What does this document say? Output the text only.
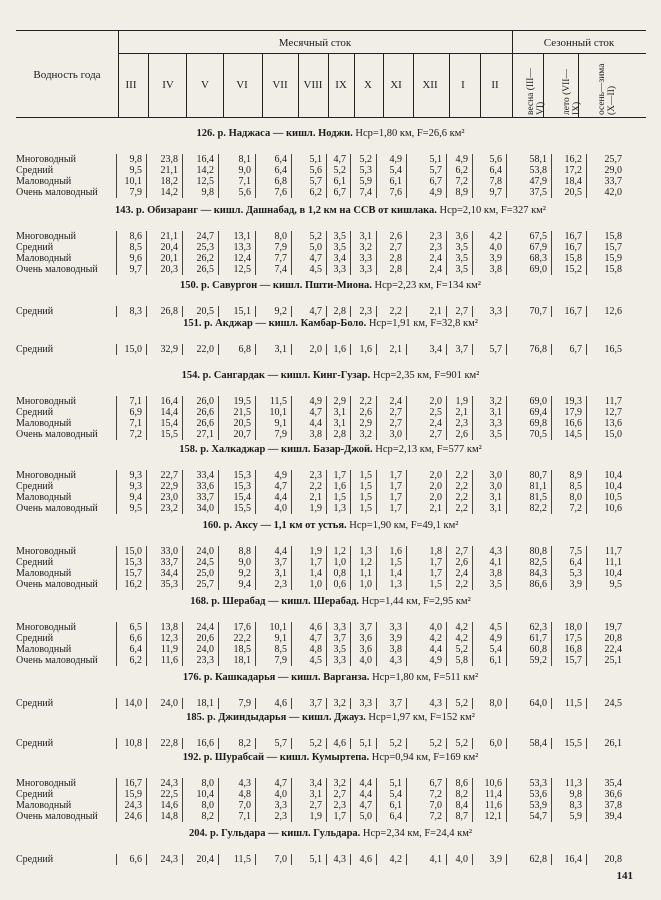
Водность года
Месячный сток	Сезонный сток
III IV V VI VII VIII IX X XI XII I II	весна (III—VI) лето (VII—IX) осень—зима (X—II)
126. р. Наджаса — кишл. Ноджи. Hср=1,80 км, F=26,6 км²
Многоводный	9,8	23,8	16,4	8,1	6,4	5,1	4,7	5,2	4,9	5,1	4,9	5,6	58,1	16,2	25,7
Средний	9,5	21,1	14,2	9,0	6,4	5,6	5,2	5,3	5,4	5,7	6,2	6,4	53,8	17,2	29,0
Маловодный	10,1	18,2	12,5	7,1	6,8	5,7	6,1	5,9	6,1	6,7	7,2	7,8	47,9	18,4	33,7
Очень маловодный	7,9	14,2	9,8	5,6	7,6	6,2	6,7	7,4	7,6	4,9	8,9	9,7	37,5	20,5	42,0
143. р. Обизаранг — кишл. Дашнабад, в 1,2 км на ССВ от кишлака. Hср=2,10 км, F=327 км²
Многоводный	8,6	21,1	24,7	13,1	8,0	5,2	3,5	3,1	2,6	2,3	3,6	4,2	67,5	16,7	15,8
Средний	8,5	20,4	25,3	13,3	7,9	5,0	3,5	3,2	2,7	2,3	3,5	4,0	67,9	16,7	15,7
Маловодный	9,6	20,1	26,2	12,4	7,7	4,7	3,4	3,3	2,8	2,4	3,5	3,9	68,3	15,8	15,9
Очень маловодный	9,7	20,3	26,5	12,5	7,4	4,5	3,3	3,3	2,8	2,4	3,5	3,8	69,0	15,2	15,8
150. р. Савургон — кишл. Пшти-Миона. Hср=2,23 км, F=134 км²
Средний	8,3	26,8	20,5	15,1	9,2	4,7	2,8	2,3	2,2	2,1	2,7	3,3	70,7	16,7	12,6
151. р. Акджар — кишл. Камбар-Боло. Hср=1,91 км, F=32,8 км²
Средний	15,0	32,9	22,0	6,8	3,1	2,0	1,6	1,6	2,1	3,4	3,7	5,7	76,8	6,7	16,5
154. р. Сангардак — кишл. Кинг-Гузар. Hср=2,35 км, F=901 км²
Многоводный	7,1	16,4	26,0	19,5	11,5	4,9	2,9	2,2	2,4	2,0	1,9	3,2	69,0	19,3	11,7
Средний	6,9	14,4	26,6	21,5	10,1	4,7	3,1	2,6	2,7	2,5	2,1	3,1	69,4	17,9	12,7
Маловодный	7,1	15,4	26,6	20,5	9,1	4,4	3,1	2,9	2,7	2,4	2,3	3,3	69,8	16,6	13,6
Очень маловодный	7,2	15,5	27,1	20,7	7,9	3,8	2,8	3,2	3,0	2,7	2,6	3,5	70,5	14,5	15,0
158. р. Халкаджар — кишл. Базар-Джой. Hср=2,13 км, F=577 км²
Многоводный	9,3	22,7	33,4	15,3	4,9	2,3	1,7	1,5	1,7	2,0	2,2	3,0	80,7	8,9	10,4
Средний	9,3	22,9	33,6	15,3	4,7	2,2	1,6	1,5	1,7	2,0	2,2	3,0	81,1	8,5	10,4
Маловодный	9,4	23,0	33,7	15,4	4,4	2,1	1,5	1,5	1,7	2,0	2,2	3,1	81,5	8,0	10,5
Очень маловодный	9,5	23,2	34,0	15,5	4,0	1,9	1,3	1,5	1,7	2,1	2,2	3,1	82,2	7,2	10,6
160. р. Аксу — 1,1 км от устья. Hср=1,90 км, F=49,1 км²
Многоводный	15,0	33,0	24,0	8,8	4,4	1,9	1,2	1,3	1,6	1,8	2,7	4,3	80,8	7,5	11,7
Средний	15,3	33,7	24,5	9,0	3,7	1,7	1,0	1,2	1,5	1,7	2,6	4,1	82,5	6,4	11,1
Маловодный	15,7	34,4	25,0	9,2	3,1	1,4	0,8	1,1	1,4	1,7	2,4	3,8	84,3	5,3	10,4
Очень маловодный	16,2	35,3	25,7	9,4	2,3	1,0	0,6	1,0	1,3	1,5	2,2	3,5	86,6	3,9	9,5
168. р. Шерабад — кишл. Шерабад. Hср=1,44 км, F=2,95 км²
Многоводный	6,5	13,8	24,4	17,6	10,1	4,6	3,3	3,7	3,3	4,0	4,2	4,5	62,3	18,0	19,7
Средний	6,6	12,3	20,6	22,2	9,1	4,7	3,7	3,6	3,9	4,2	4,2	4,9	61,7	17,5	20,8
Маловодный	6,4	11,9	24,0	18,5	8,5	4,8	3,5	3,6	3,8	4,4	5,2	5,4	60,8	16,8	22,4
Очень маловодный	6,2	11,6	23,3	18,1	7,9	4,5	3,3	4,0	4,3	4,9	5,8	6,1	59,2	15,7	25,1
176. р. Кашкадарья — кишл. Варганза. Hср=1,80 км, F=511 км²
Средний	14,0	24,0	18,1	7,9	4,6	3,7	3,2	3,3	3,7	4,3	5,2	8,0	64,0	11,5	24,5
185. р. Джиндыдарья — кишл. Джауз. Hср=1,97 км, F=152 км²
Средний	10,8	22,8	16,6	8,2	5,7	5,2	4,6	5,1	5,2	5,2	5,2	6,0	58,4	15,5	26,1
192. р. Шурабсай — кишл. Кумыртепа. Hср=0,94 км, F=169 км²
Многоводный	16,7	24,3	8,0	4,3	4,7	3,4	3,2	4,4	5,1	6,7	8,6	10,6	53,3	11,3	35,4
Средний	15,9	22,5	10,4	4,8	4,0	3,1	2,7	4,4	5,4	7,2	8,2	11,4	53,6	9,8	36,6
Маловодный	24,3	14,6	8,0	7,0	3,3	2,7	2,3	4,7	6,1	7,0	8,4	11,6	53,9	8,3	37,8
Очень маловодный	24,6	14,8	8,2	7,1	2,3	1,9	1,7	5,0	6,4	7,2	8,7	12,1	54,7	5,9	39,4
204. р. Гульдара — кишл. Гульдара. Hср=2,34 км, F=24,4 км²
Средний	6,6	24,3	20,4	11,5	7,0	5,1	4,3	4,6	4,2	4,1	4,0	3,9	62,8	16,4	20,8
141
